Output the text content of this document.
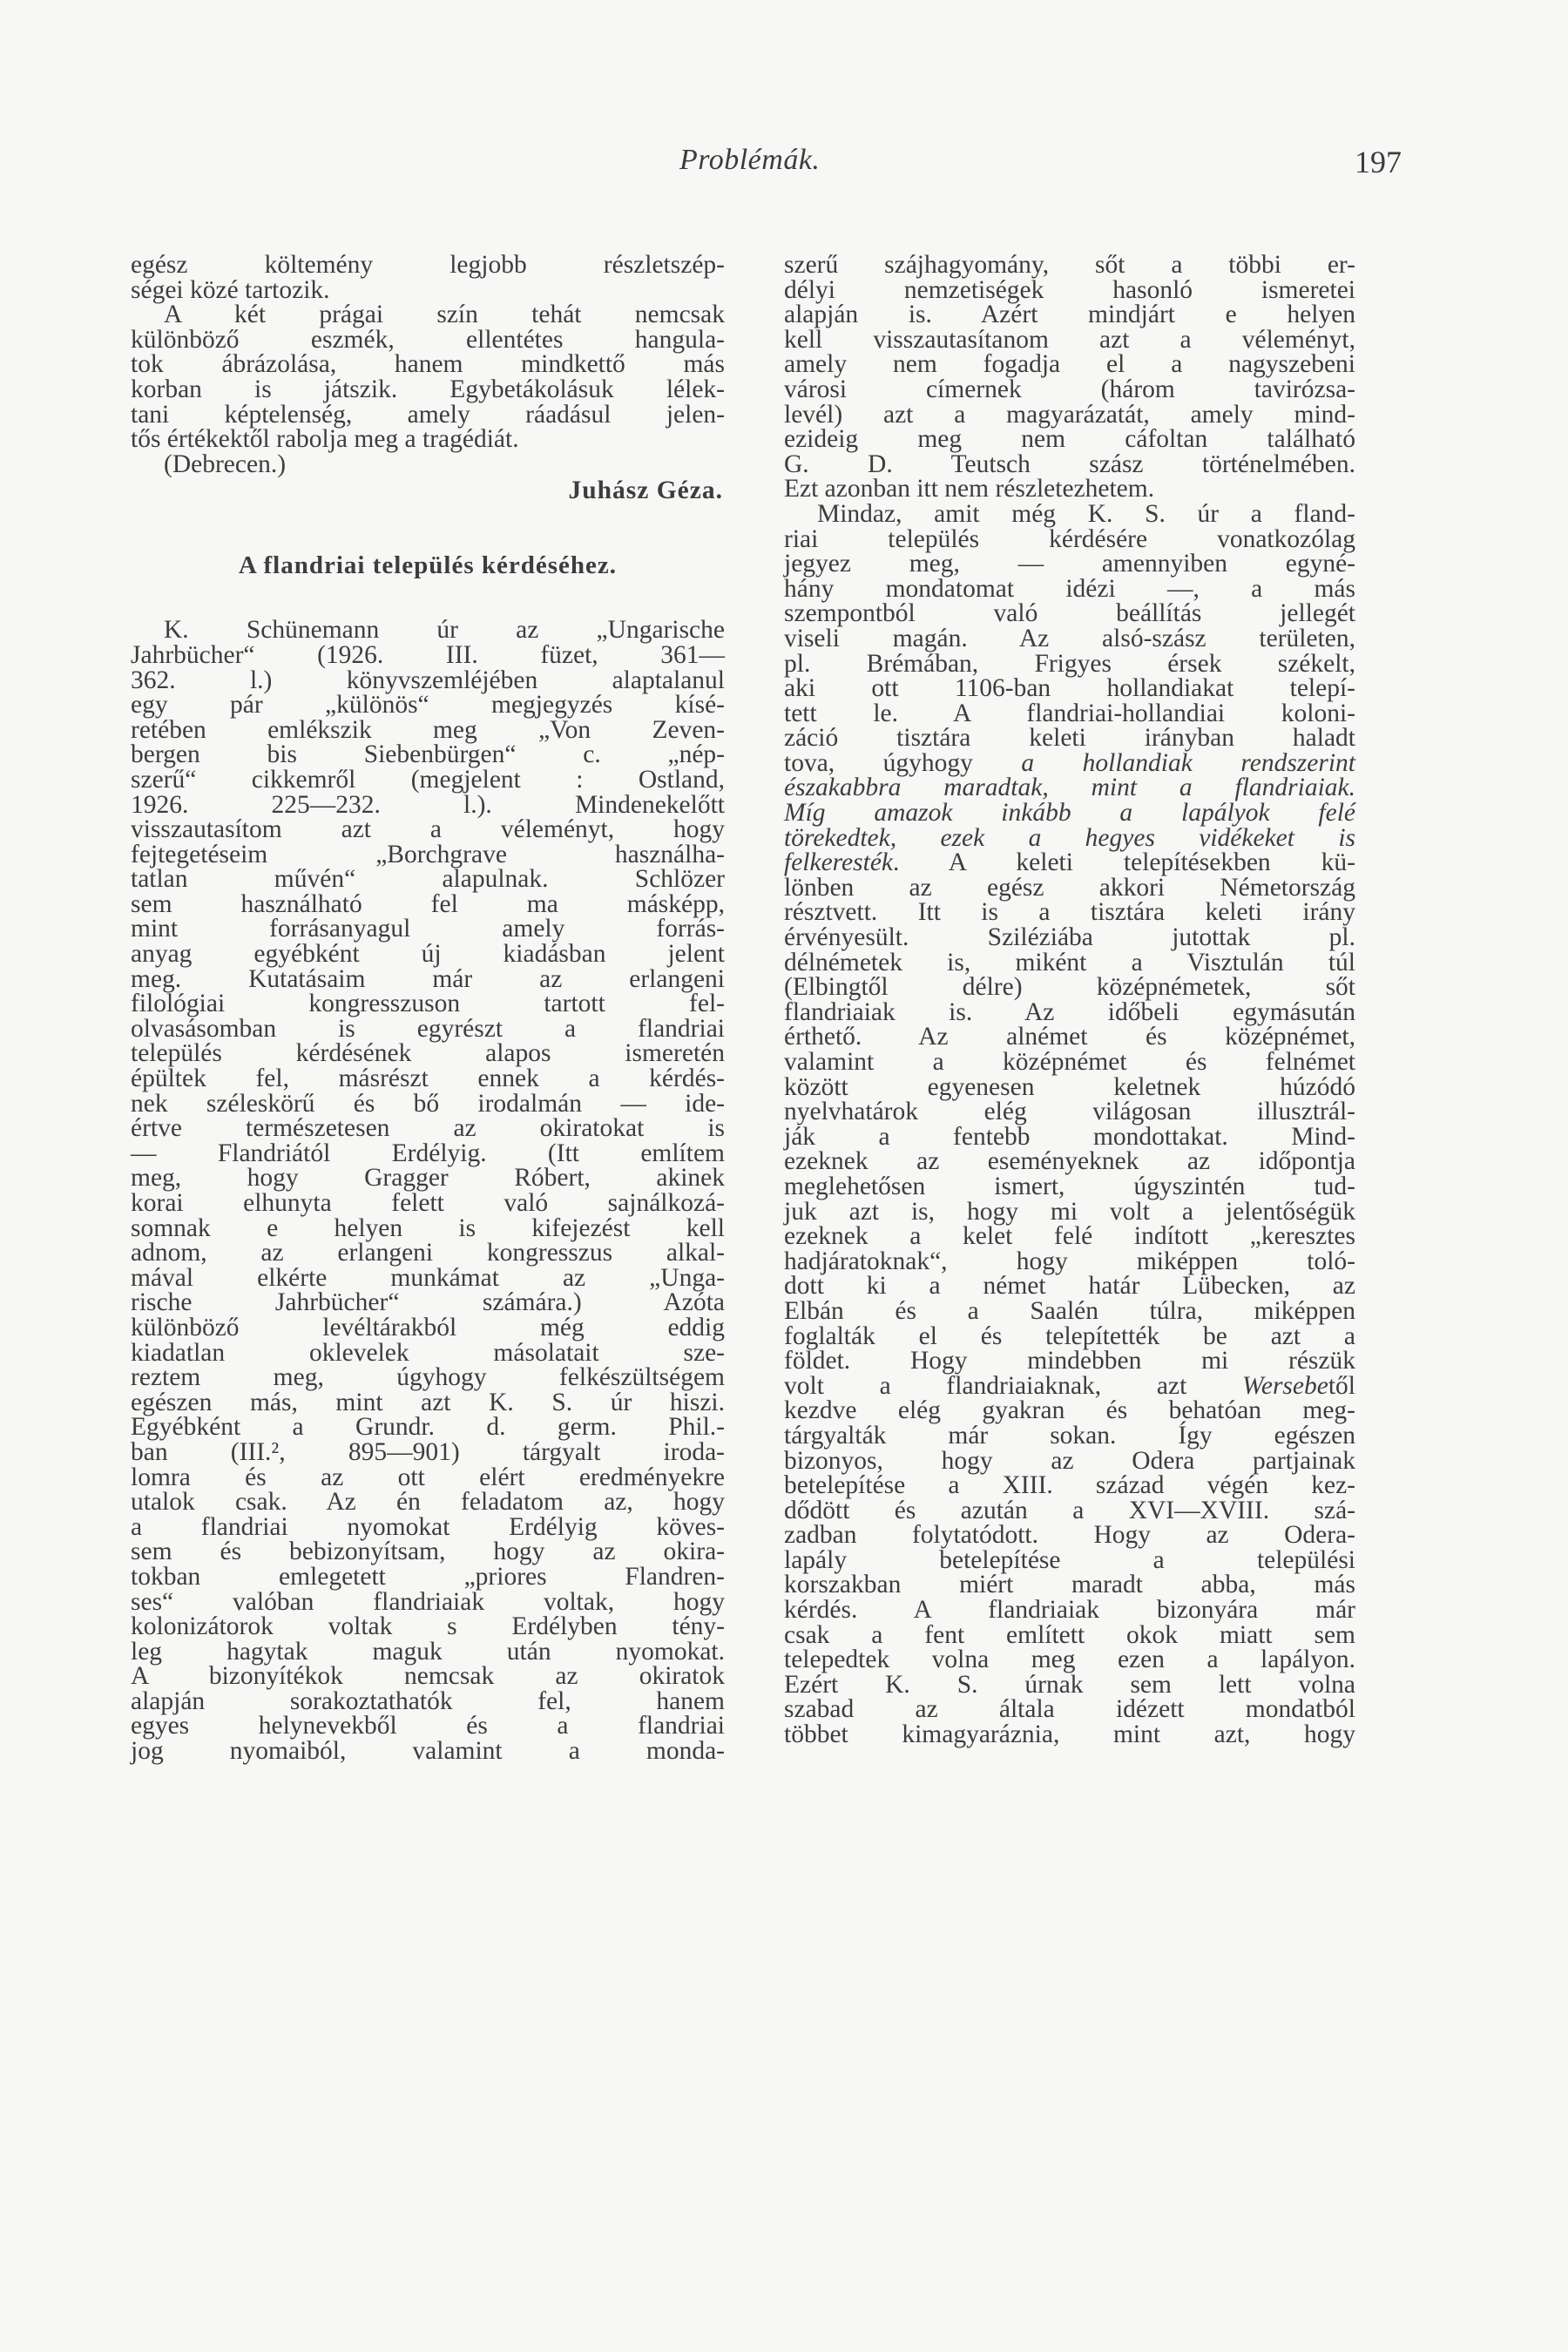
Problémák.	197
egész költemény legjobb részletszép-
ségei közé tartozik.
A két prágai szín tehát nemcsak
különböző eszmék, ellentétes hangula-
tok ábrázolása, hanem mindkettő más
korban is játszik. Egybetákolásuk lélek-
tani képtelenség, amely ráadásul jelen-
tős értékektől rabolja meg a tragédiát.
(Debrecen.)
Juhász Géza.
A flandriai település kérdéséhez.
K. Schünemann úr az „Ungarische
Jahrbücher“ (1926. III. füzet, 361—
362. l.) könyvszemléjében alaptalanul
egy pár „különös“ megjegyzés kísé-
retében emlékszik meg „Von Zeven-
bergen bis Siebenbürgen“ c. „nép-
szerű“ cikkemről (megjelent : Ostland,
1926. 225—232. l.). Mindenekelőtt
visszautasítom azt a véleményt, hogy
fejtegetéseim „Borchgrave használha-
tatlan művén“ alapulnak. Schlözer
sem használható fel ma másképp,
mint forrásanyagul amely forrás-
anyag egyébként új kiadásban jelent
meg. Kutatásaim már az erlangeni
filológiai kongresszuson tartott fel-
olvasásomban is egyrészt a flandriai
település kérdésének alapos ismeretén
épültek fel, másrészt ennek a kérdés-
nek széleskörű és bő irodalmán — ide-
értve természetesen az okiratokat is
— Flandriától Erdélyig. (Itt említem
meg, hogy Gragger Róbert, akinek
korai elhunyta felett való sajnálkozá-
somnak e helyen is kifejezést kell
adnom, az erlangeni kongresszus alkal-
mával elkérte munkámat az „Unga-
rische Jahrbücher“ számára.) Azóta
különböző levéltárakból még eddig
kiadatlan oklevelek másolatait sze-
reztem meg, úgyhogy felkészültségem
egészen más, mint azt K. S. úr hiszi.
Egyébként a Grundr. d. germ. Phil.-
ban (III.², 895—901) tárgyalt iroda-
lomra és az ott elért eredményekre
utalok csak. Az én feladatom az, hogy
a flandriai nyomokat Erdélyig köves-
sem és bebizonyítsam, hogy az okira-
tokban emlegetett „priores Flandren-
ses“ valóban flandriaiak voltak, hogy
kolonizátorok voltak s Erdélyben tény-
leg hagytak maguk után nyomokat.
A bizonyítékok nemcsak az okiratok
alapján sorakoztathatók fel, hanem
egyes helynevekből és a flandriai
jog nyomaiból, valamint a monda-
szerű szájhagyomány, sőt a többi er-
délyi nemzetiségek hasonló ismeretei
alapján is. Azért mindjárt e helyen
kell visszautasítanom azt a véleményt,
amely nem fogadja el a nagyszebeni
városi címernek (három tavirózsa-
levél) azt a magyarázatát, amely mind-
ezideig meg nem cáfoltan található
G. D. Teutsch szász történelmében.
Ezt azonban itt nem részletezhetem.
Mindaz, amit még K. S. úr a fland-
riai település kérdésére vonatkozólag
jegyez meg, — amennyiben egyné-
hány mondatomat idézi —, a más
szempontból való beállítás jellegét
viseli magán. Az alsó-szász területen,
pl. Brémában, Frigyes érsek székelt,
aki ott 1106-ban hollandiakat telepí-
tett le. A flandriai-hollandiai koloni-
záció tisztára keleti irányban haladt
tova, úgyhogy a hollandiak rendszerint
északabbra maradtak, mint a flandriaiak.
Míg amazok inkább a lapályok felé
törekedtek, ezek a hegyes vidékeket is
felkeresték. A keleti telepítésekben kü-
lönben az egész akkori Németország
résztvett. Itt is a tisztára keleti irány
érvényesült. Sziléziába jutottak pl.
délnémetek is, miként a Visztulán túl
(Elbingtől délre) középnémetek, sőt
flandriaiak is. Az időbeli egymásután
érthető. Az alnémet és középnémet,
valamint a középnémet és felnémet
között egyenesen keletnek húzódó
nyelvhatárok elég világosan illusztrál-
ják a fentebb mondottakat. Mind-
ezeknek az eseményeknek az időpontja
meglehetősen ismert, úgyszintén tud-
juk azt is, hogy mi volt a jelentőségük
ezeknek a kelet felé indított „keresztes
hadjáratoknak“, hogy miképpen toló-
dott ki a német határ Lübecken, az
Elbán és a Saalén túlra, miképpen
foglalták el és telepítették be azt a
földet. Hogy mindebben mi részük
volt a flandriaiaknak, azt Wersebetől
kezdve elég gyakran és behatóan meg-
tárgyalták már sokan. Így egészen
bizonyos, hogy az Odera partjainak
betelepítése a XIII. század végén kez-
dődött és azután a XVI—XVIII. szá-
zadban folytatódott. Hogy az Odera-
lapály betelepítése a települési
korszakban miért maradt abba, más
kérdés. A flandriaiak bizonyára már
csak a fent említett okok miatt sem
telepedtek volna meg ezen a lapályon.
Ezért K. S. úrnak sem lett volna
szabad az általa idézett mondatból
többet kimagyaráznia, mint azt, hogy
